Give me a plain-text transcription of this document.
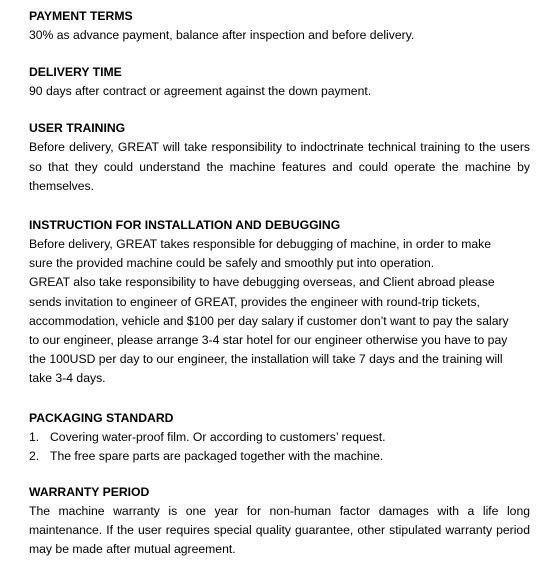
PAYMENT TERMS
30% as advance payment, balance after inspection and before delivery.
DELIVERY TIME
90 days after contract or agreement against the down payment.
USER TRAINING
Before delivery, GREAT will take responsibility to indoctrinate technical training to the users so that they could understand the machine features and could operate the machine by themselves.
INSTRUCTION FOR INSTALLATION AND DEBUGGING
Before delivery, GREAT takes responsible for debugging of machine, in order to make
sure the provided machine could be safely and smoothly put into operation.
GREAT also take responsibility to have debugging overseas, and Client abroad please
sends invitation to engineer of GREAT, provides the engineer with round-trip tickets,
accommodation, vehicle and $100 per day salary if customer don’t want to pay the salary
to our engineer, please arrange 3-4 star hotel for our engineer otherwise you have to pay
the 100USD per day to our engineer, the installation will take 7 days and the training will
take 3-4 days.
PACKAGING STANDARD
1. Covering water-proof film. Or according to customers’ request.
2. The free spare parts are packaged together with the machine.
WARRANTY PERIOD
The machine warranty is one year for non-human factor damages with a life long maintenance. If the user requires special quality guarantee, other stipulated warranty period may be made after mutual agreement.
